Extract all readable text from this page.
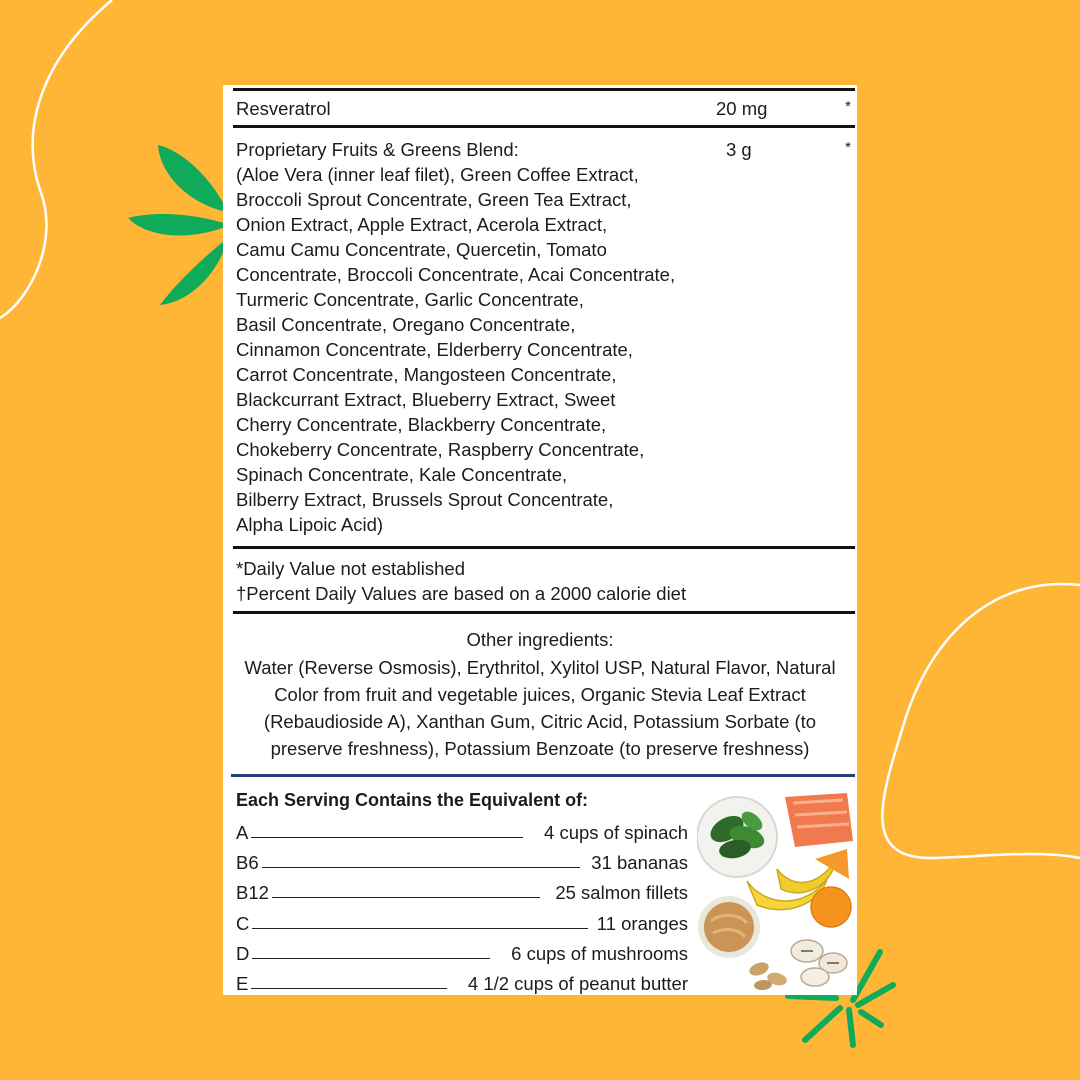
Resveratrol	20 mg	*
Proprietary Fruits & Greens Blend:
(Aloe Vera (inner leaf filet), Green Coffee Extract,
Broccoli Sprout Concentrate, Green Tea Extract,
Onion Extract, Apple Extract, Acerola Extract,
Camu Camu Concentrate, Quercetin, Tomato
Concentrate, Broccoli Concentrate, Acai Concentrate,
Turmeric Concentrate, Garlic Concentrate,
Basil Concentrate, Oregano Concentrate,
Cinnamon Concentrate, Elderberry Concentrate,
Carrot Concentrate, Mangosteen Concentrate,
Blackcurrant Extract, Blueberry Extract, Sweet
Cherry Concentrate, Blackberry Concentrate,
Chokeberry Concentrate, Raspberry Concentrate,
Spinach Concentrate, Kale Concentrate,
Bilberry Extract, Brussels Sprout Concentrate,
Alpha Lipoic Acid)
3 g	*
*Daily Value not established
†Percent Daily Values are based on a 2000 calorie diet
Other ingredients:
Water (Reverse Osmosis), Erythritol, Xylitol USP, Natural Flavor, Natural
Color from fruit and vegetable juices, Organic Stevia Leaf Extract
(Rebaudioside A), Xanthan Gum, Citric Acid, Potassium Sorbate (to
preserve freshness), Potassium Benzoate (to preserve freshness)
Each Serving Contains the Equivalent of:
A	4 cups of spinach
B6	31 bananas
B12	25 salmon fillets
C	11 oranges
D	6 cups of mushrooms
E	4 1/2 cups of peanut butter
